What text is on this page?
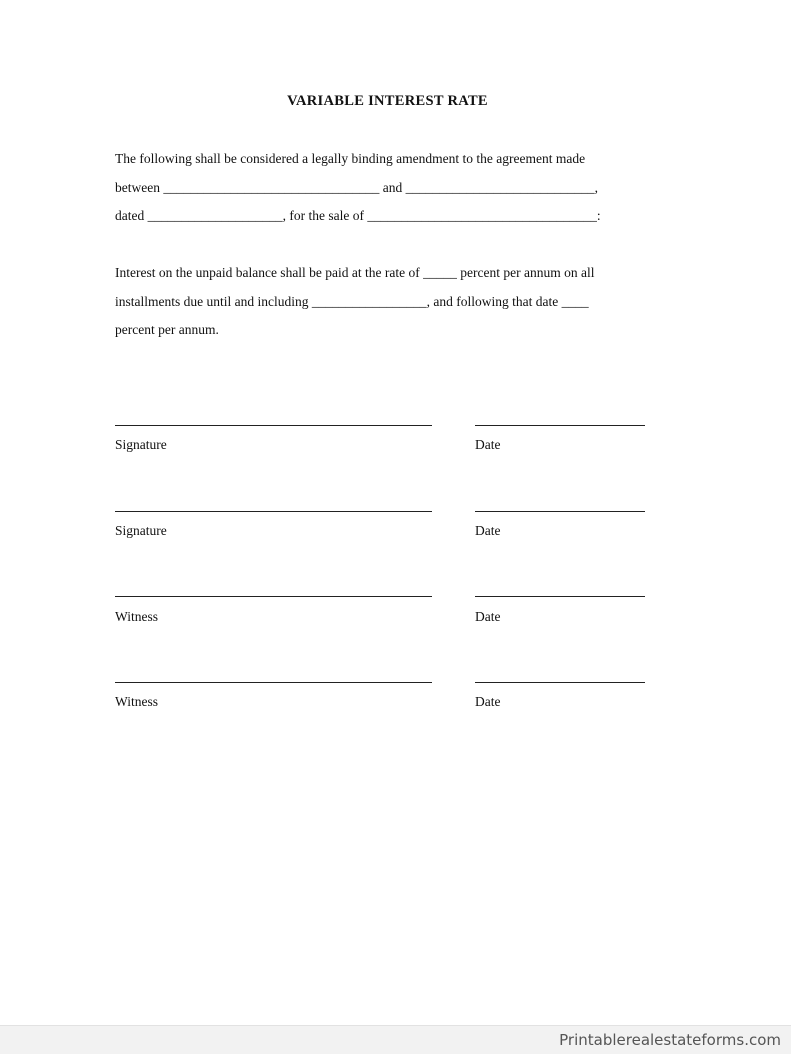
VARIABLE INTEREST RATE
The following shall be considered a legally binding amendment to the agreement made
between ________________________________ and ____________________________,
dated ____________________, for the sale of __________________________________:
Interest on the unpaid balance shall be paid at the rate of _____ percent per annum on all
installments due until and including _________________, and following that date ____
percent per annum.
Signature	Date
Signature	Date
Witness	Date
Witness	Date
Printablerealestateforms.com
